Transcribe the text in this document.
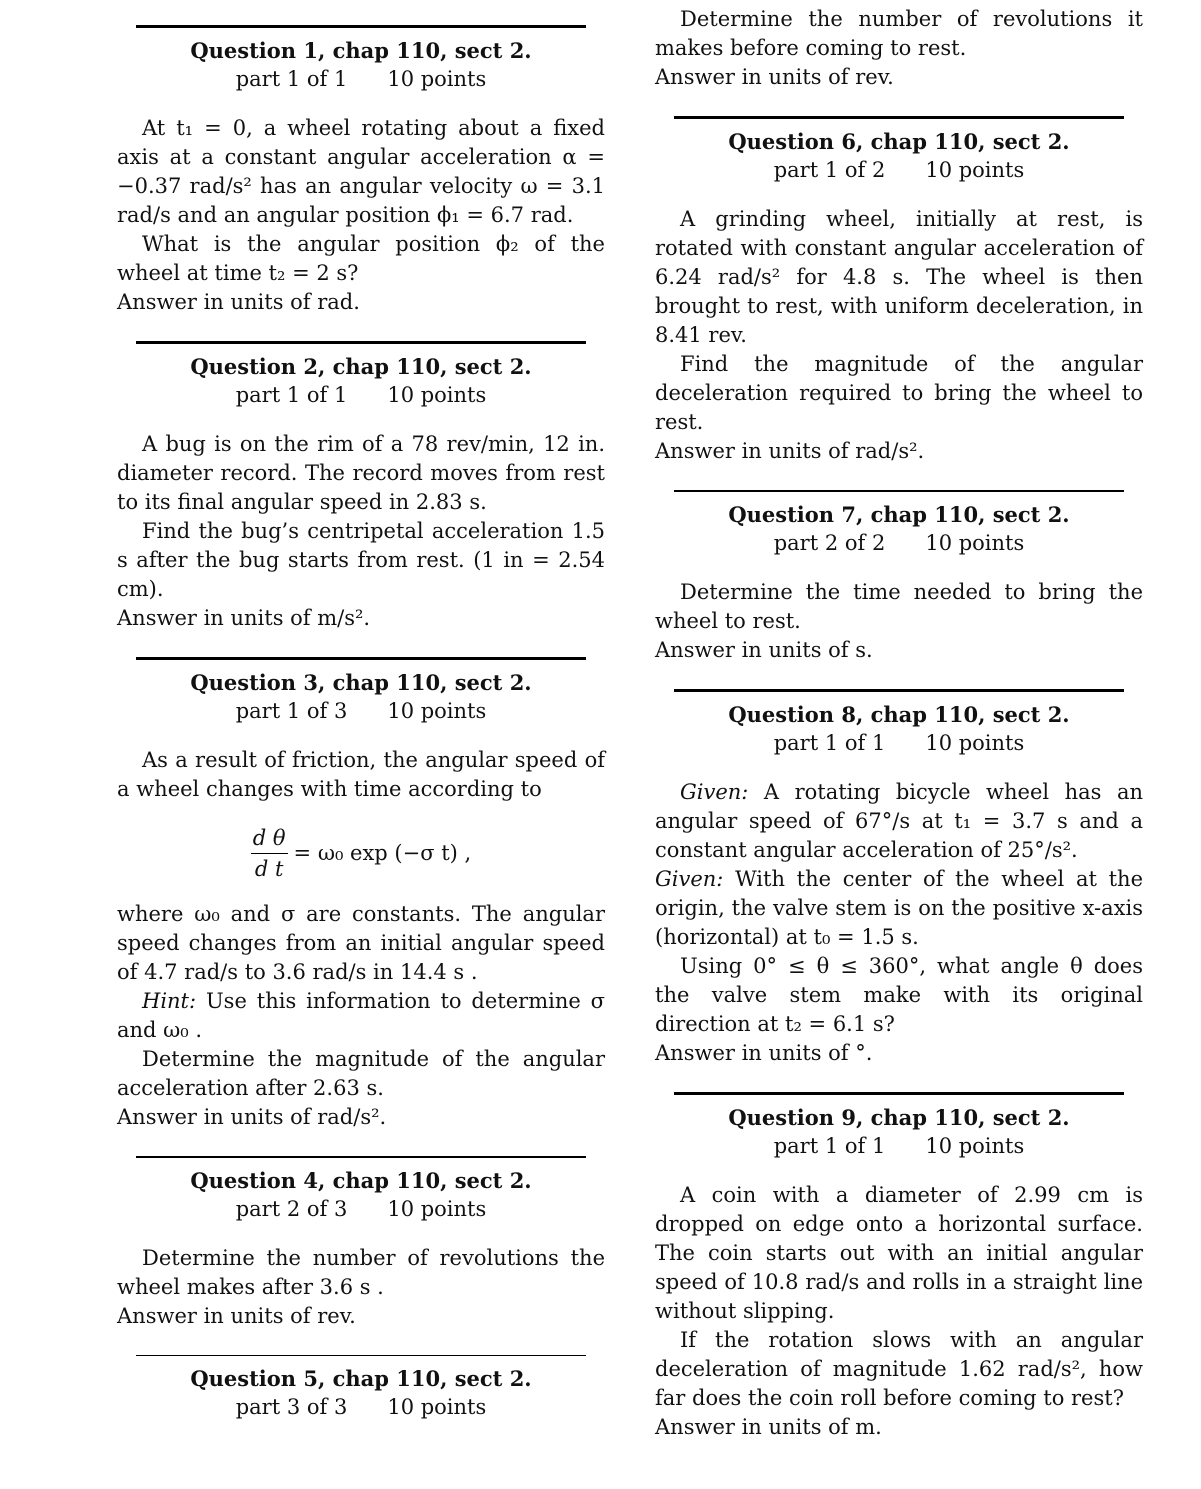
Question 1, chap 110, sect 2.
part 1 of 1 10 points
At t₁ = 0, a wheel rotating about a fixed axis at a constant angular acceleration α = −0.37 rad/s² has an angular velocity ω = 3.1 rad/s and an angular position ϕ₁ = 6.7 rad.
What is the angular position ϕ₂ of the wheel at time t₂ = 2 s?
Answer in units of rad.
Question 2, chap 110, sect 2.
part 1 of 1 10 points
A bug is on the rim of a 78 rev/min, 12 in. diameter record. The record moves from rest to its final angular speed in 2.83 s.
Find the bug’s centripetal acceleration 1.5 s after the bug starts from rest. (1 in = 2.54 cm).
Answer in units of m/s².
Question 3, chap 110, sect 2.
part 1 of 3 10 points
As a result of friction, the angular speed of a wheel changes with time according to
$\frac{\text{d θ}}{\text{d t}} = \omega_0$ exp (−σ t) ,
where ω₀ and σ are constants. The angular speed changes from an initial angular speed of 4.7 rad/s to 3.6 rad/s in 14.4 s .
Hint: Use this information to determine σ and ω₀ .
Determine the magnitude of the angular acceleration after 2.63 s.
Answer in units of rad/s².
Question 4, chap 110, sect 2.
part 2 of 3 10 points
Determine the number of revolutions the wheel makes after 3.6 s .
Answer in units of rev.
Question 5, chap 110, sect 2.
part 3 of 3 10 points
Determine the number of revolutions it makes before coming to rest.
Answer in units of rev.
Question 6, chap 110, sect 2.
part 1 of 2 10 points
A grinding wheel, initially at rest, is rotated with constant angular acceleration of 6.24 rad/s² for 4.8 s. The wheel is then brought to rest, with uniform deceleration, in 8.41 rev.
Find the magnitude of the angular deceleration required to bring the wheel to rest.
Answer in units of rad/s².
Question 7, chap 110, sect 2.
part 2 of 2 10 points
Determine the time needed to bring the wheel to rest.
Answer in units of s.
Question 8, chap 110, sect 2.
part 1 of 1 10 points
Given: A rotating bicycle wheel has an angular speed of 67°/s at t₁ = 3.7 s and a constant angular acceleration of 25°/s².
Given: With the center of the wheel at the origin, the valve stem is on the positive x-axis (horizontal) at t₀ = 1.5 s.
Using 0° ≤ θ ≤ 360°, what angle θ does the valve stem make with its original direction at t₂ = 6.1 s?
Answer in units of °.
Question 9, chap 110, sect 2.
part 1 of 1 10 points
A coin with a diameter of 2.99 cm is dropped on edge onto a horizontal surface. The coin starts out with an initial angular speed of 10.8 rad/s and rolls in a straight line without slipping.
If the rotation slows with an angular deceleration of magnitude 1.62 rad/s², how far does the coin roll before coming to rest?
Answer in units of m.
